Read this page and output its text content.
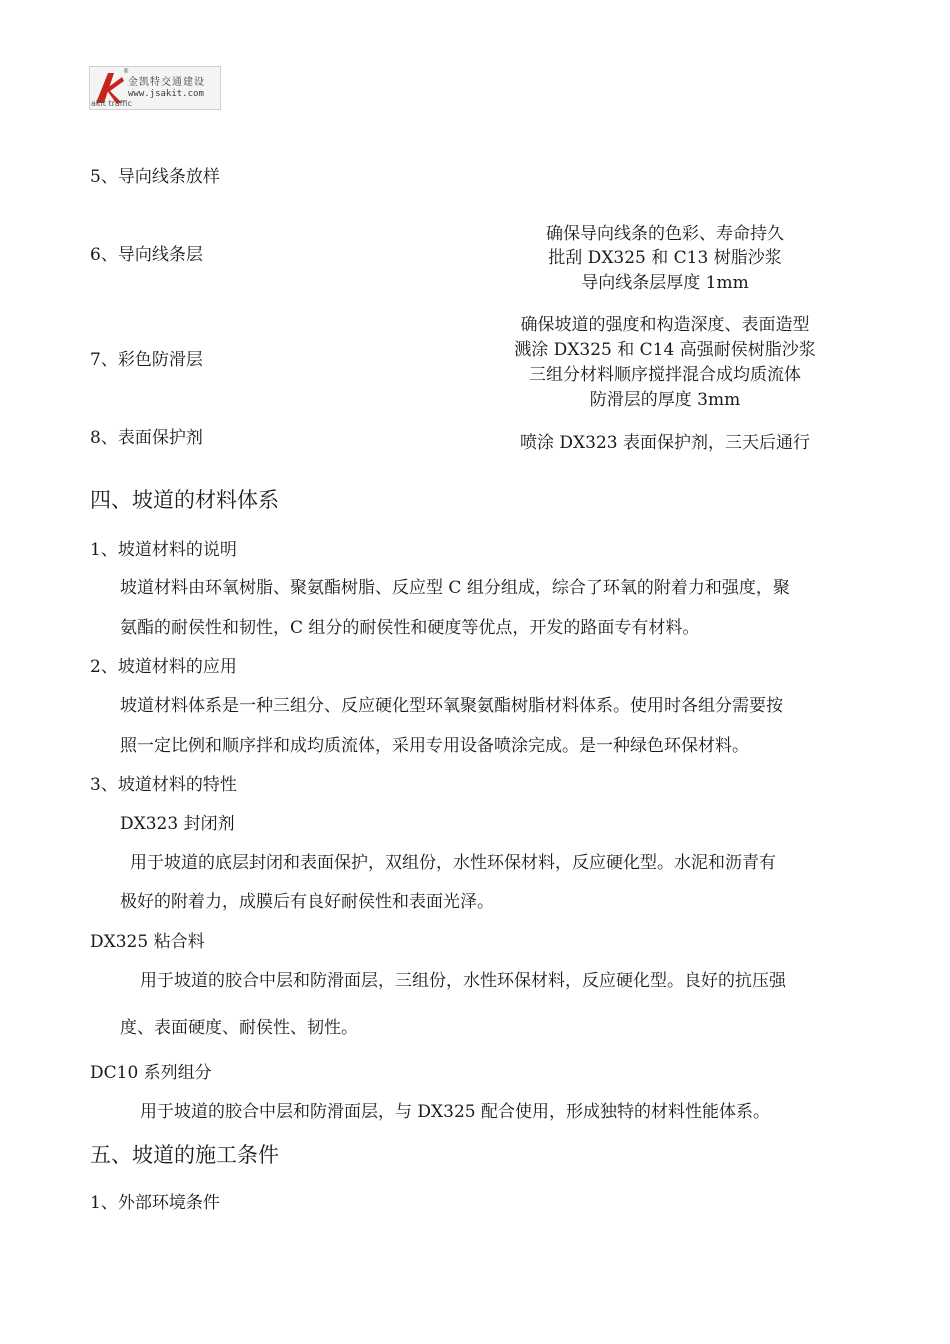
®
金凯特交通建设
www.jsakit.com
akit traffic
5、导向线条放样
6、导向线条层
确保导向线条的色彩、寿命持久
批刮 DX325 和 C13 树脂沙浆
导向线条层厚度 1mm
7、彩色防滑层
确保坡道的强度和构造深度、表面造型
溅涂 DX325 和 C14 高强耐侯树脂沙浆
三组分材料顺序搅拌混合成均质流体
防滑层的厚度 3mm
8、表面保护剂	喷涂 DX323 表面保护剂，三天后通行
四、坡道的材料体系
1、坡道材料的说明
坡道材料由环氧树脂、聚氨酯树脂、反应型 C 组分组成，综合了环氧的附着力和强度，聚
氨酯的耐侯性和韧性，C 组分的耐侯性和硬度等优点，开发的路面专有材料。
2、坡道材料的应用
坡道材料体系是一种三组分、反应硬化型环氧聚氨酯树脂材料体系。使用时各组分需要按
照一定比例和顺序拌和成均质流体，采用专用设备喷涂完成。是一种绿色环保材料。
3、坡道材料的特性
DX323 封闭剂
用于坡道的底层封闭和表面保护，双组份，水性环保材料，反应硬化型。水泥和沥青有
极好的附着力，成膜后有良好耐侯性和表面光泽。
DX325 粘合料
用于坡道的胶合中层和防滑面层，三组份，水性环保材料，反应硬化型。良好的抗压强
度、表面硬度、耐侯性、韧性。
DC10 系列组分
用于坡道的胶合中层和防滑面层，与 DX325 配合使用，形成独特的材料性能体系。
五、坡道的施工条件
1、外部环境条件
